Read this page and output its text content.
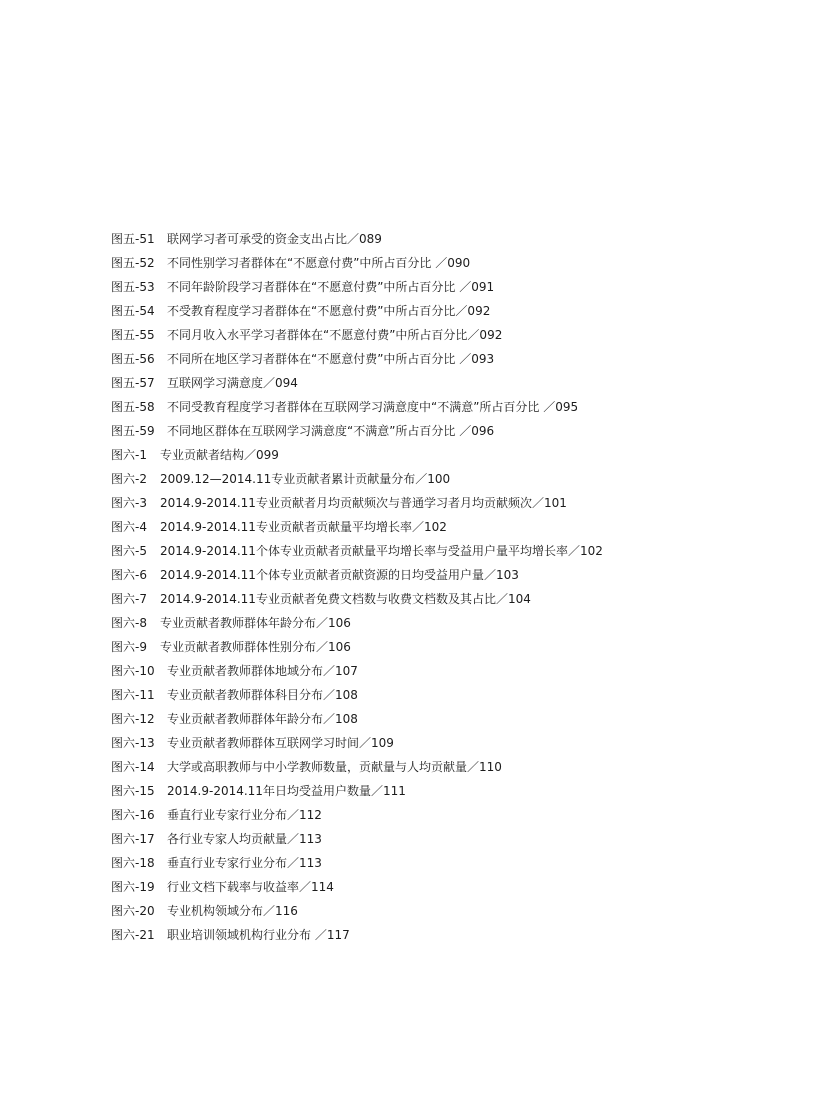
图五-51 联网学习者可承受的资金支出占比／089
图五-52 不同性别学习者群体在“不愿意付费”中所占百分比 ／090
图五-53 不同年龄阶段学习者群体在“不愿意付费”中所占百分比 ／091
图五-54 不受教育程度学习者群体在“不愿意付费”中所占百分比／092
图五-55 不同月收入水平学习者群体在“不愿意付费”中所占百分比／092
图五-56 不同所在地区学习者群体在“不愿意付费”中所占百分比 ／093
图五-57 互联网学习满意度／094
图五-58 不同受教育程度学习者群体在互联网学习满意度中“不满意”所占百分比 ／095
图五-59 不同地区群体在互联网学习满意度“不满意”所占百分比 ／096
图六-1 专业贡献者结构／099
图六-2 2009.12—2014.11专业贡献者累计贡献量分布／100
图六-3 2014.9-2014.11专业贡献者月均贡献频次与普通学习者月均贡献频次／101
图六-4 2014.9-2014.11专业贡献者贡献量平均增长率／102
图六-5 2014.9-2014.11个体专业贡献者贡献量平均增长率与受益用户量平均增长率／102
图六-6 2014.9-2014.11个体专业贡献者贡献资源的日均受益用户量／103
图六-7 2014.9-2014.11专业贡献者免费文档数与收费文档数及其占比／104
图六-8 专业贡献者教师群体年龄分布／106
图六-9 专业贡献者教师群体性别分布／106
图六-10 专业贡献者教师群体地域分布／107
图六-11 专业贡献者教师群体科目分布／108
图六-12 专业贡献者教师群体年龄分布／108
图六-13 专业贡献者教师群体互联网学习时间／109
图六-14 大学或高职教师与中小学教师数量，贡献量与人均贡献量／110
图六-15 2014.9-2014.11年日均受益用户数量／111
图六-16 垂直行业专家行业分布／112
图六-17 各行业专家人均贡献量／113
图六-18 垂直行业专家行业分布／113
图六-19 行业文档下载率与收益率／114
图六-20 专业机构领域分布／116
图六-21 职业培训领域机构行业分布 ／117
